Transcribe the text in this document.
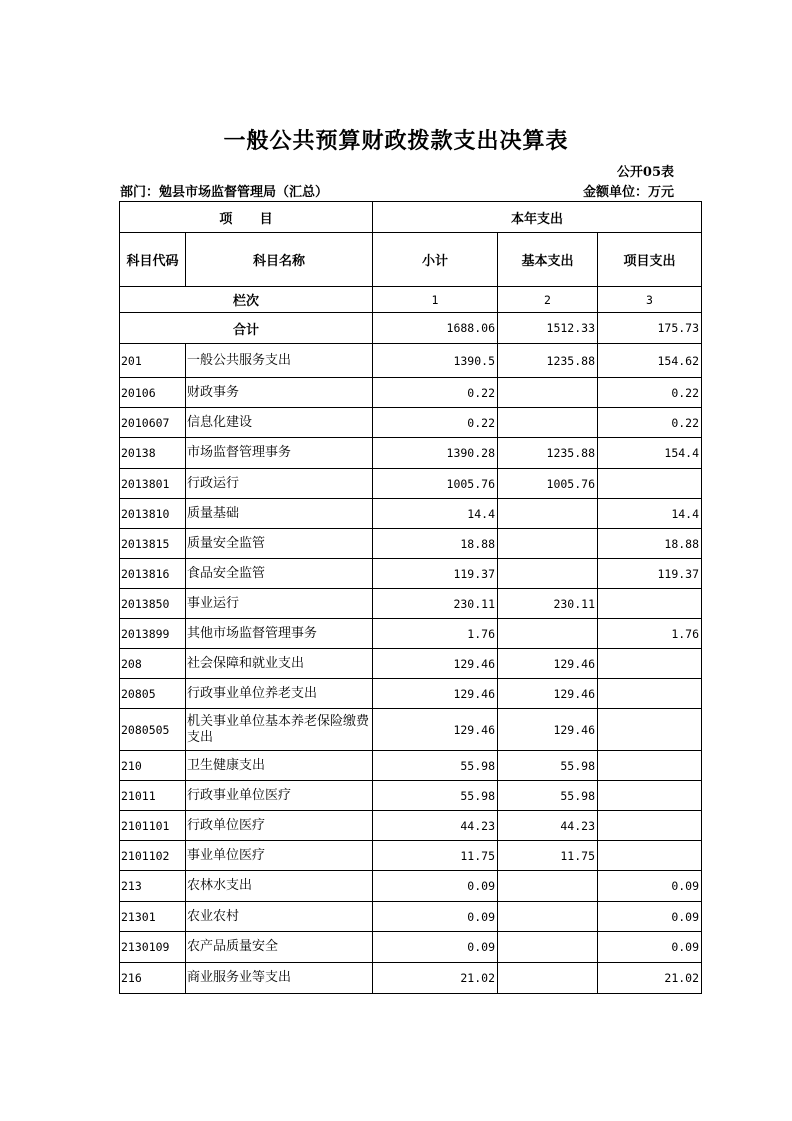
一般公共预算财政拨款支出决算表
公开05表
部门：勉县市场监督管理局（汇总）	金额单位：万元
项      目		本年支出		
科目代码	科目名称	小计	基本支出	项目支出
栏次		1	2	3
合计		1688.06	1512.33	175.73
201	一般公共服务支出	1390.5	1235.88	154.62
20106	财政事务	0.22		0.22
2010607	信息化建设	0.22		0.22
20138	市场监督管理事务	1390.28	1235.88	154.4
2013801	行政运行	1005.76	1005.76	
2013810	质量基础	14.4		14.4
2013815	质量安全监管	18.88		18.88
2013816	食品安全监管	119.37		119.37
2013850	事业运行	230.11	230.11	
2013899	其他市场监督管理事务	1.76		1.76
208	社会保障和就业支出	129.46	129.46	
20805	行政事业单位养老支出	129.46	129.46	
2080505	机关事业单位基本养老保险缴费支出	129.46	129.46	
210	卫生健康支出	55.98	55.98	
21011	行政事业单位医疗	55.98	55.98	
2101101	行政单位医疗	44.23	44.23	
2101102	事业单位医疗	11.75	11.75	
213	农林水支出	0.09		0.09
21301	农业农村	0.09		0.09
2130109	农产品质量安全	0.09		0.09
216	商业服务业等支出	21.02		21.02
